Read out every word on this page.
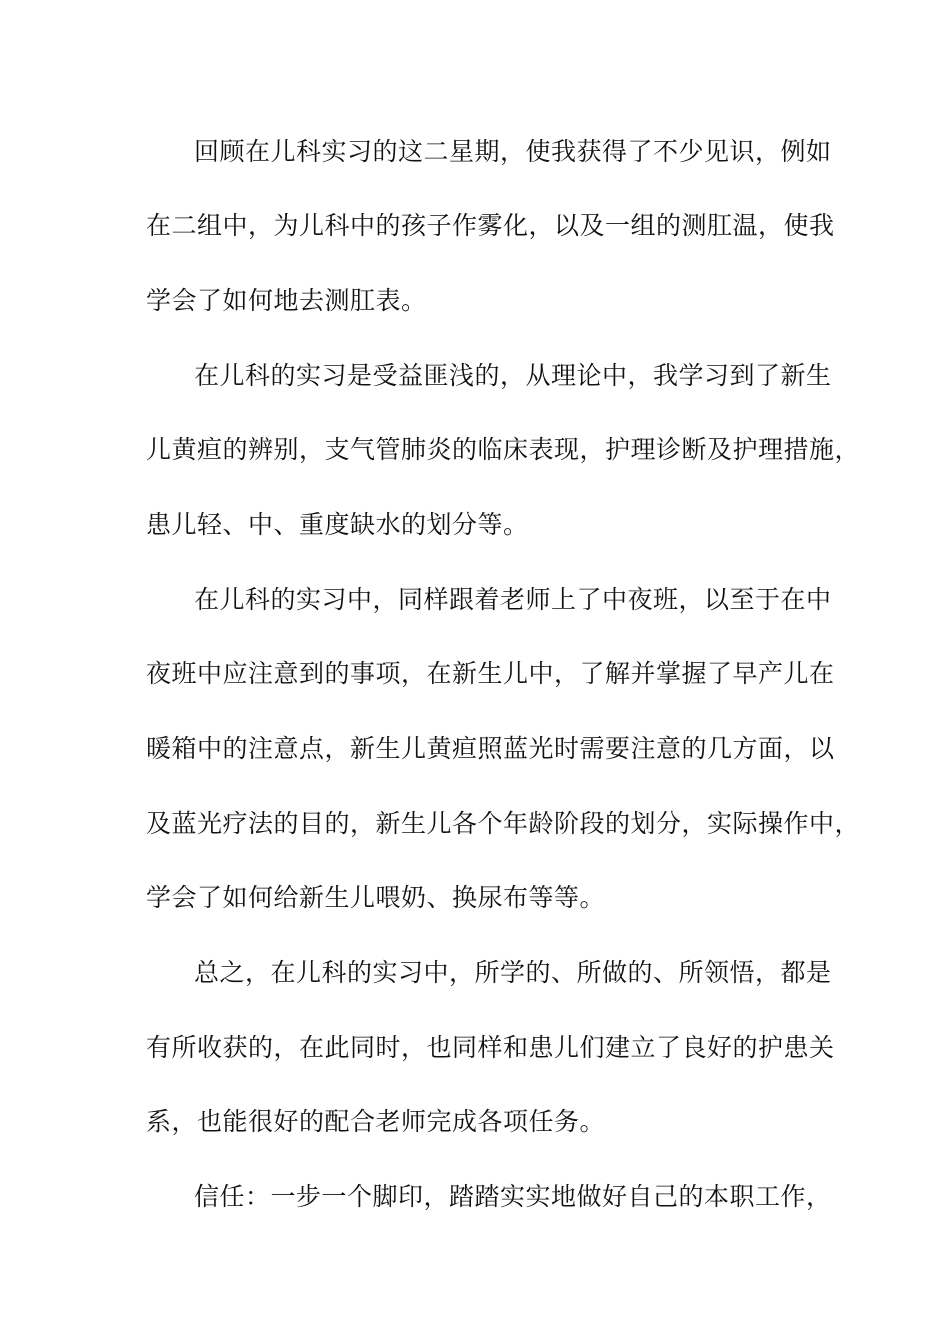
回顾在儿科实习的这二星期，使我获得了不少见识，例如
在二组中，为儿科中的孩子作雾化，以及一组的测肛温，使我
学会了如何地去测肛表。
在儿科的实习是受益匪浅的，从理论中，我学习到了新生
儿黄疸的辨别，支气管肺炎的临床表现，护理诊断及护理措施，
患儿轻、中、重度缺水的划分等。
在儿科的实习中，同样跟着老师上了中夜班，以至于在中
夜班中应注意到的事项，在新生儿中，了解并掌握了早产儿在
暖箱中的注意点，新生儿黄疸照蓝光时需要注意的几方面，以
及蓝光疗法的目的，新生儿各个年龄阶段的划分，实际操作中，
学会了如何给新生儿喂奶、换尿布等等。
总之，在儿科的实习中，所学的、所做的、所领悟，都是
有所收获的，在此同时，也同样和患儿们建立了良好的护患关
系，也能很好的配合老师完成各项任务。
信任：一步一个脚印，踏踏实实地做好自己的本职工作，
